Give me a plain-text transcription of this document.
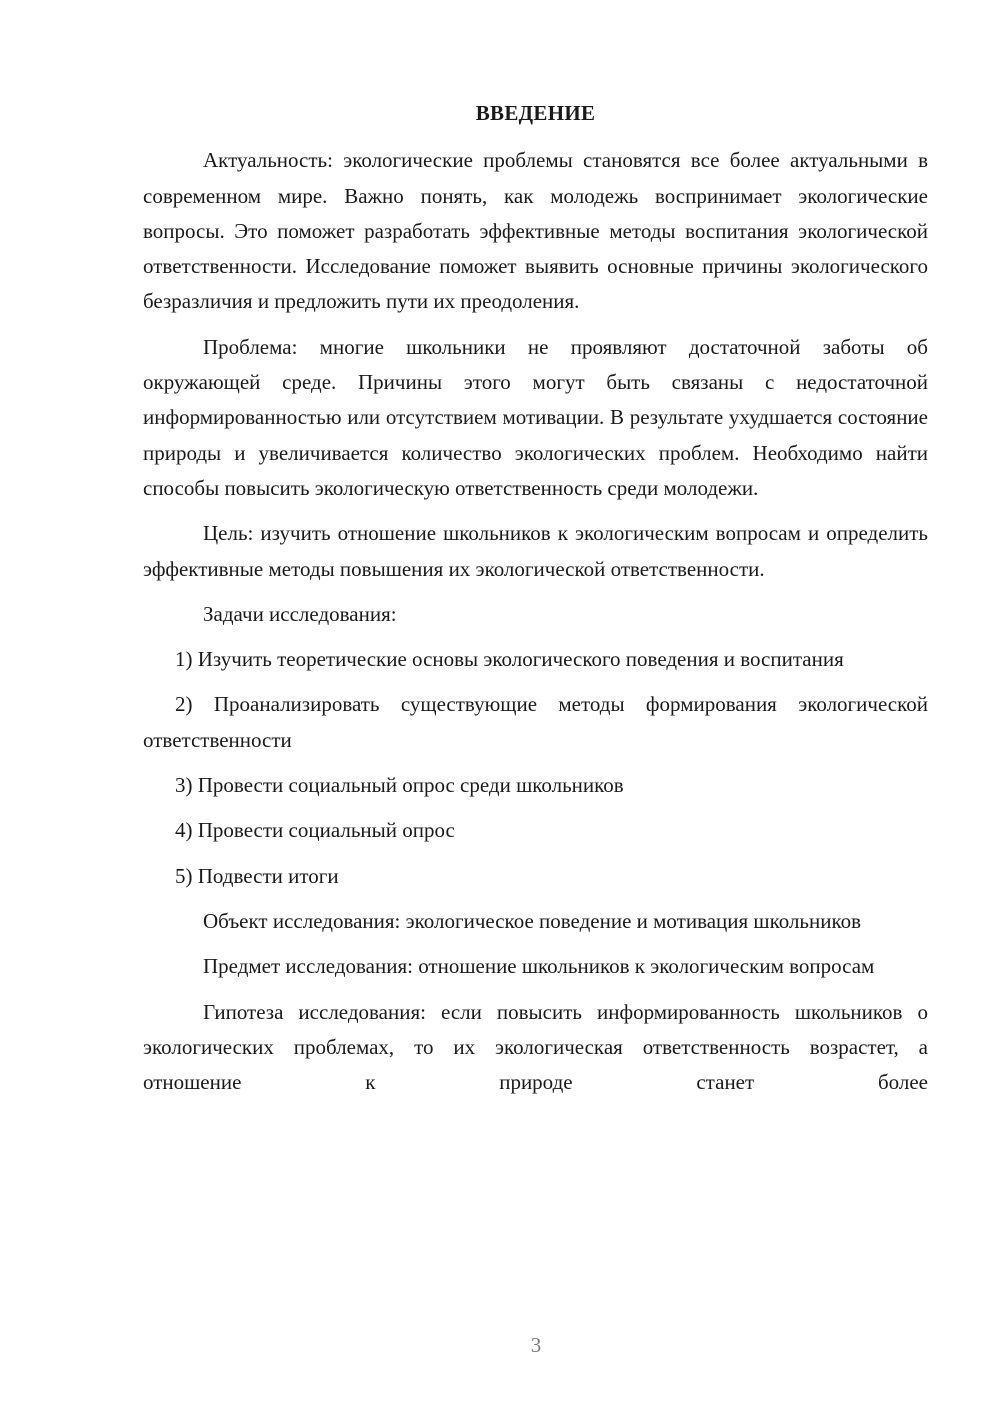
ВВЕДЕНИЕ

Актуальность: экологические проблемы становятся все более актуальными в современном мире. Важно понять, как молодежь воспринимает экологические вопросы. Это поможет разработать эффективные методы воспитания экологической ответственности. Исследование поможет выявить основные причины экологического безразличия и предложить пути их преодоления.

Проблема: многие школьники не проявляют достаточной заботы об окружающей среде. Причины этого могут быть связаны с недостаточной информированностью или отсутствием мотивации. В результате ухудшается состояние природы и увеличивается количество экологических проблем. Необходимо найти способы повысить экологическую ответственность среди молодежи.

Цель: изучить отношение школьников к экологическим вопросам и определить эффективные методы повышения их экологической ответственности.

Задачи исследования:

1) Изучить теоретические основы экологического поведения и воспитания

2) Проанализировать существующие методы формирования экологической ответственности

3) Провести социальный опрос среди школьников

4) Провести социальный опрос

5) Подвести итоги

Объект исследования: экологическое поведение и мотивация школьников

Предмет исследования: отношение школьников к экологическим вопросам

Гипотеза исследования: если повысить информированность школьников о экологических проблемах, то их экологическая ответственность возрастет, а отношение к природе станет более

3
